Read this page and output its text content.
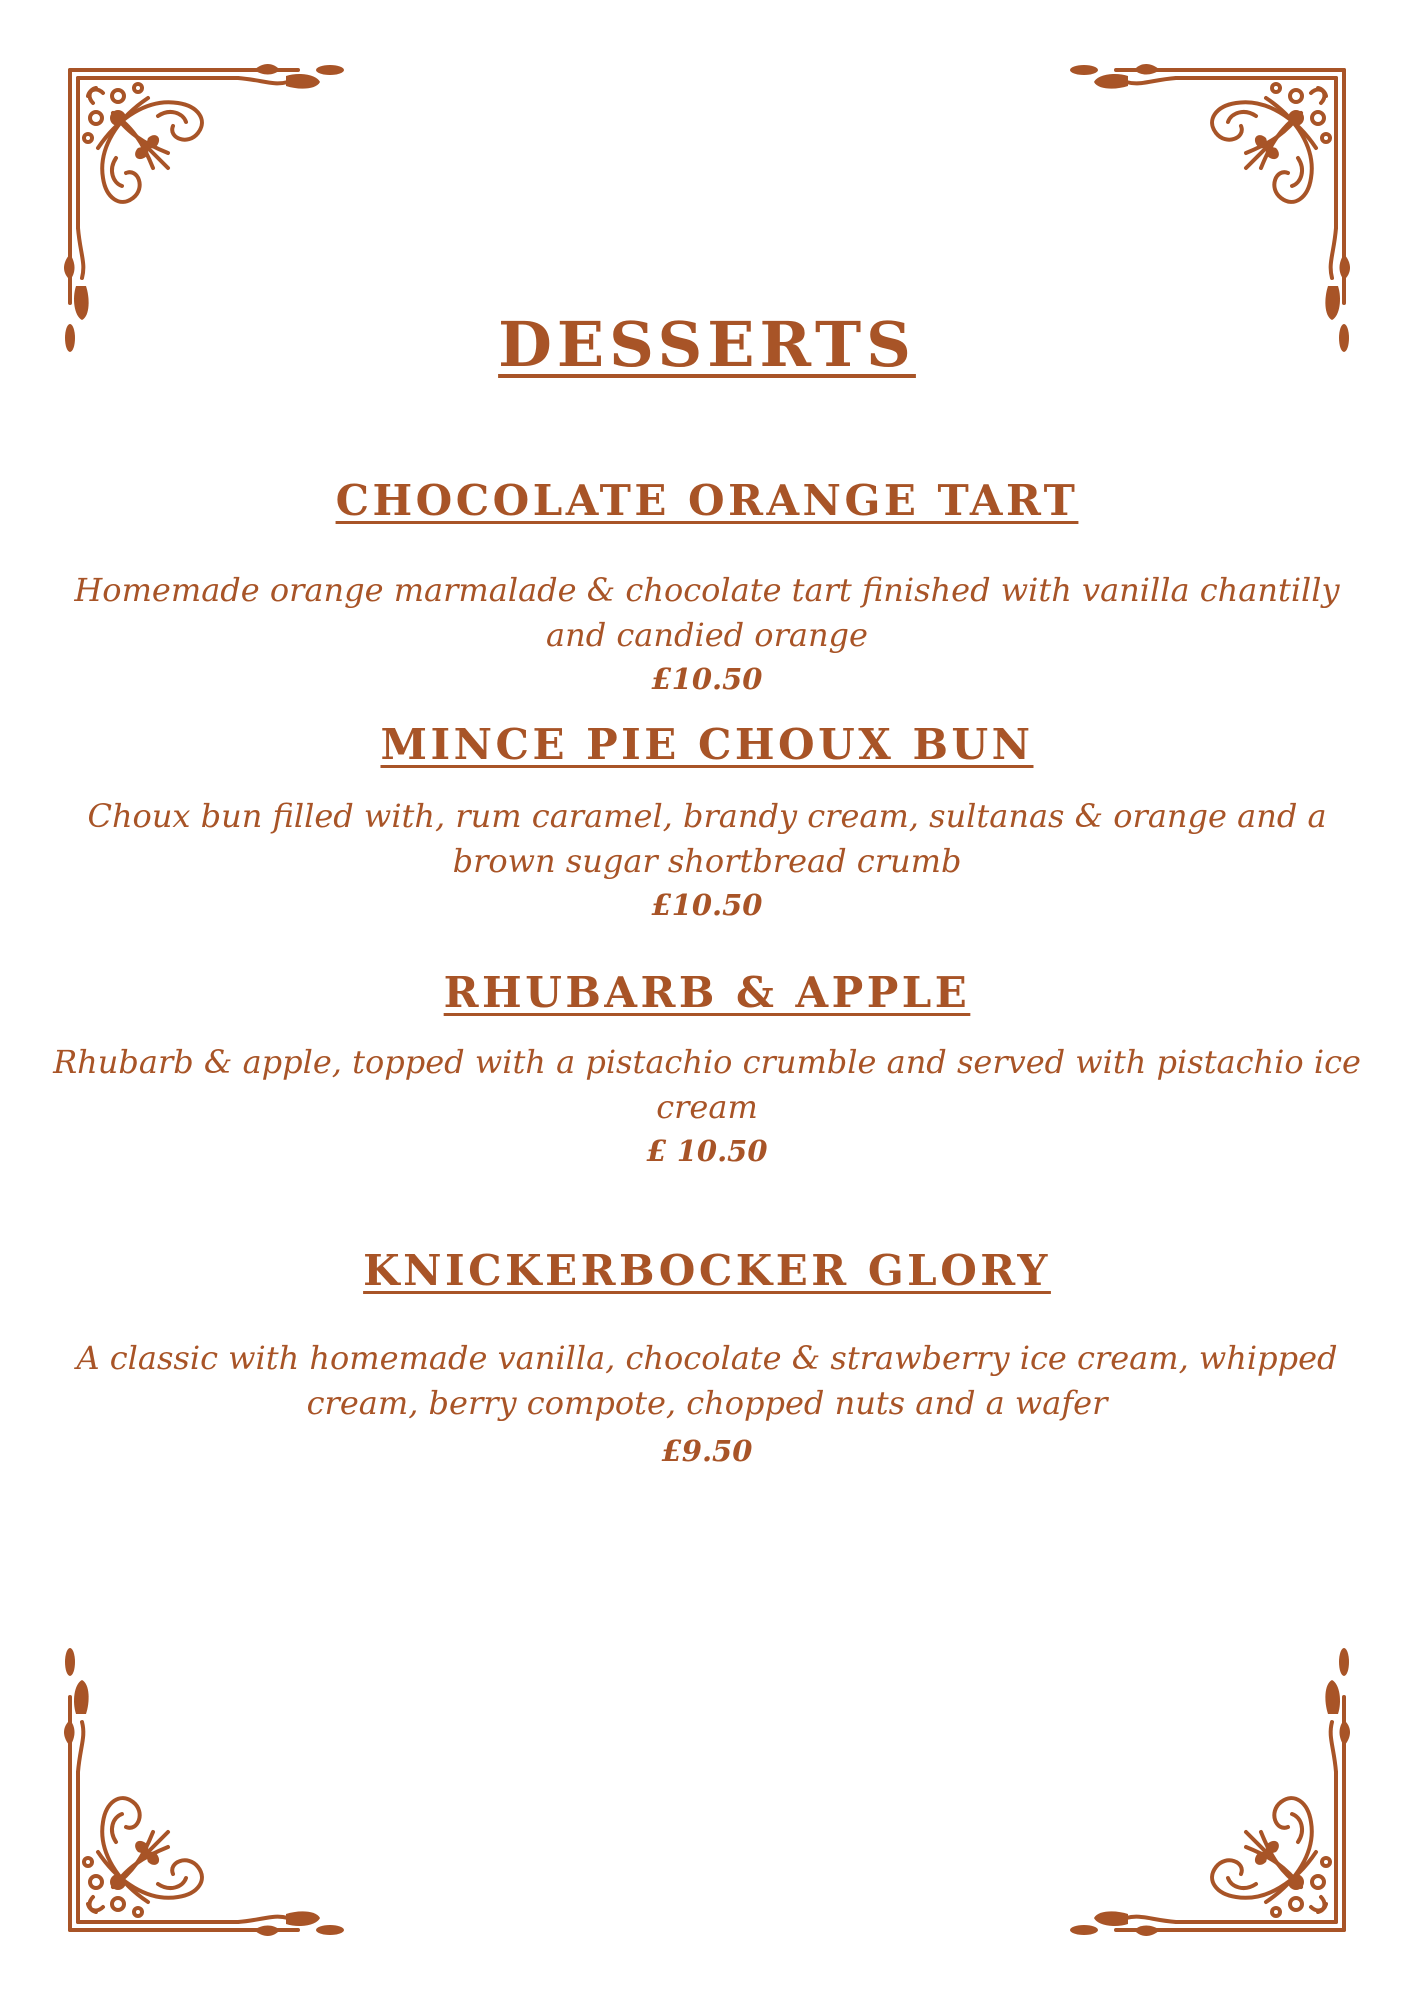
DESSERTS
CHOCOLATE ORANGE TART

Homemade orange marmalade & chocolate tart finished with vanilla chantilly and candied orange

£10.50

MINCE PIE CHOUX BUN

Choux bun filled with, rum caramel, brandy cream, sultanas & orange and a brown sugar shortbread crumb

£10.50

RHUBARB & APPLE

Rhubarb & apple, topped with a pistachio crumble and served with pistachio ice cream

£ 10.50

KNICKERBOCKER GLORY

A classic with homemade vanilla, chocolate & strawberry ice cream, whipped cream, berry compote, chopped nuts and a wafer

£9.50
